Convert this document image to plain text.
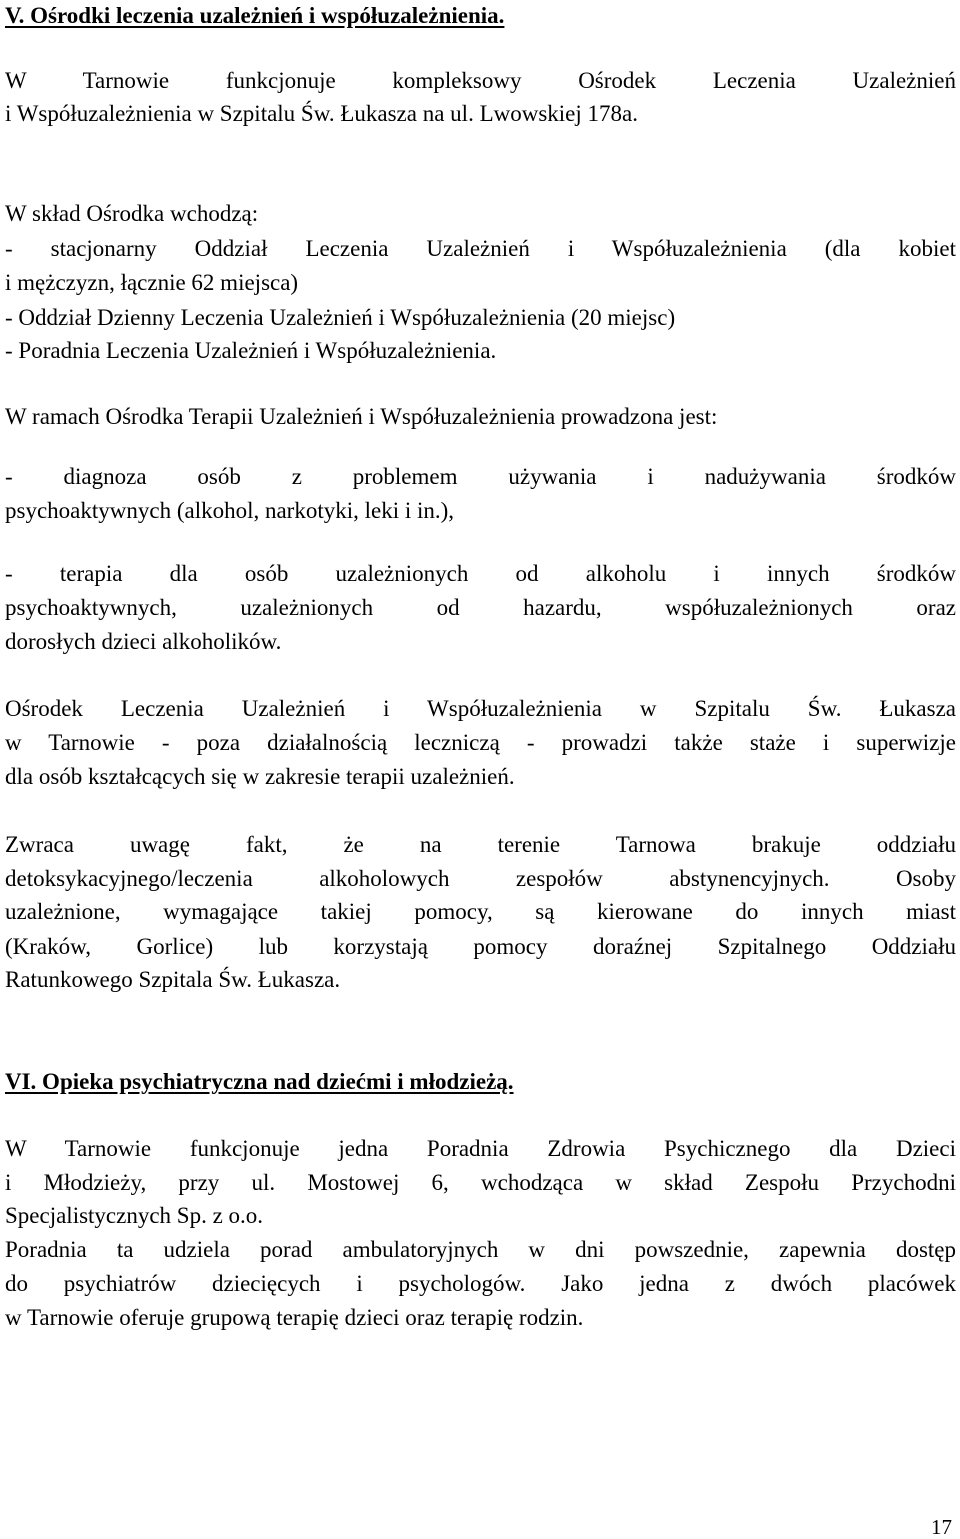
V. Ośrodki leczenia uzależnień i współuzależnienia.
W Tarnowie funkcjonuje kompleksowy Ośrodek Leczenia Uzależnień
i Współuzależnienia w Szpitalu Św. Łukasza na ul. Lwowskiej 178a.
W skład Ośrodka wchodzą:
- stacjonarny Oddział Leczenia Uzależnień i Współuzależnienia (dla kobiet
i mężczyzn, łącznie 62 miejsca)
- Oddział Dzienny Leczenia Uzależnień i Współuzależnienia (20 miejsc)
- Poradnia Leczenia Uzależnień i Współuzależnienia.
W ramach Ośrodka Terapii Uzależnień i Współuzależnienia prowadzona jest:
- diagnoza osób z problemem używania i nadużywania środków
psychoaktywnych (alkohol, narkotyki, leki i in.),
- terapia dla osób uzależnionych od alkoholu i innych środków
psychoaktywnych, uzależnionych od hazardu, współuzależnionych oraz
dorosłych dzieci alkoholików.
Ośrodek Leczenia Uzależnień i Współuzależnienia w Szpitalu Św. Łukasza
w Tarnowie - poza działalnością leczniczą - prowadzi także staże i superwizje
dla osób kształcących się w zakresie terapii uzależnień.
Zwraca uwagę fakt, że na terenie Tarnowa brakuje oddziału
detoksykacyjnego/leczenia alkoholowych zespołów abstynencyjnych. Osoby
uzależnione, wymagające takiej pomocy, są kierowane do innych miast
(Kraków, Gorlice) lub korzystają pomocy doraźnej Szpitalnego Oddziału
Ratunkowego Szpitala Św. Łukasza.
VI. Opieka psychiatryczna nad dziećmi i młodzieżą.
W Tarnowie funkcjonuje jedna Poradnia Zdrowia Psychicznego dla Dzieci
i Młodzieży, przy ul. Mostowej 6, wchodząca w skład Zespołu Przychodni
Specjalistycznych Sp. z o.o.
Poradnia ta udziela porad ambulatoryjnych w dni powszednie, zapewnia dostęp
do psychiatrów dziecięcych i psychologów. Jako jedna z dwóch placówek
w Tarnowie oferuje grupową terapię dzieci oraz terapię rodzin.
17
